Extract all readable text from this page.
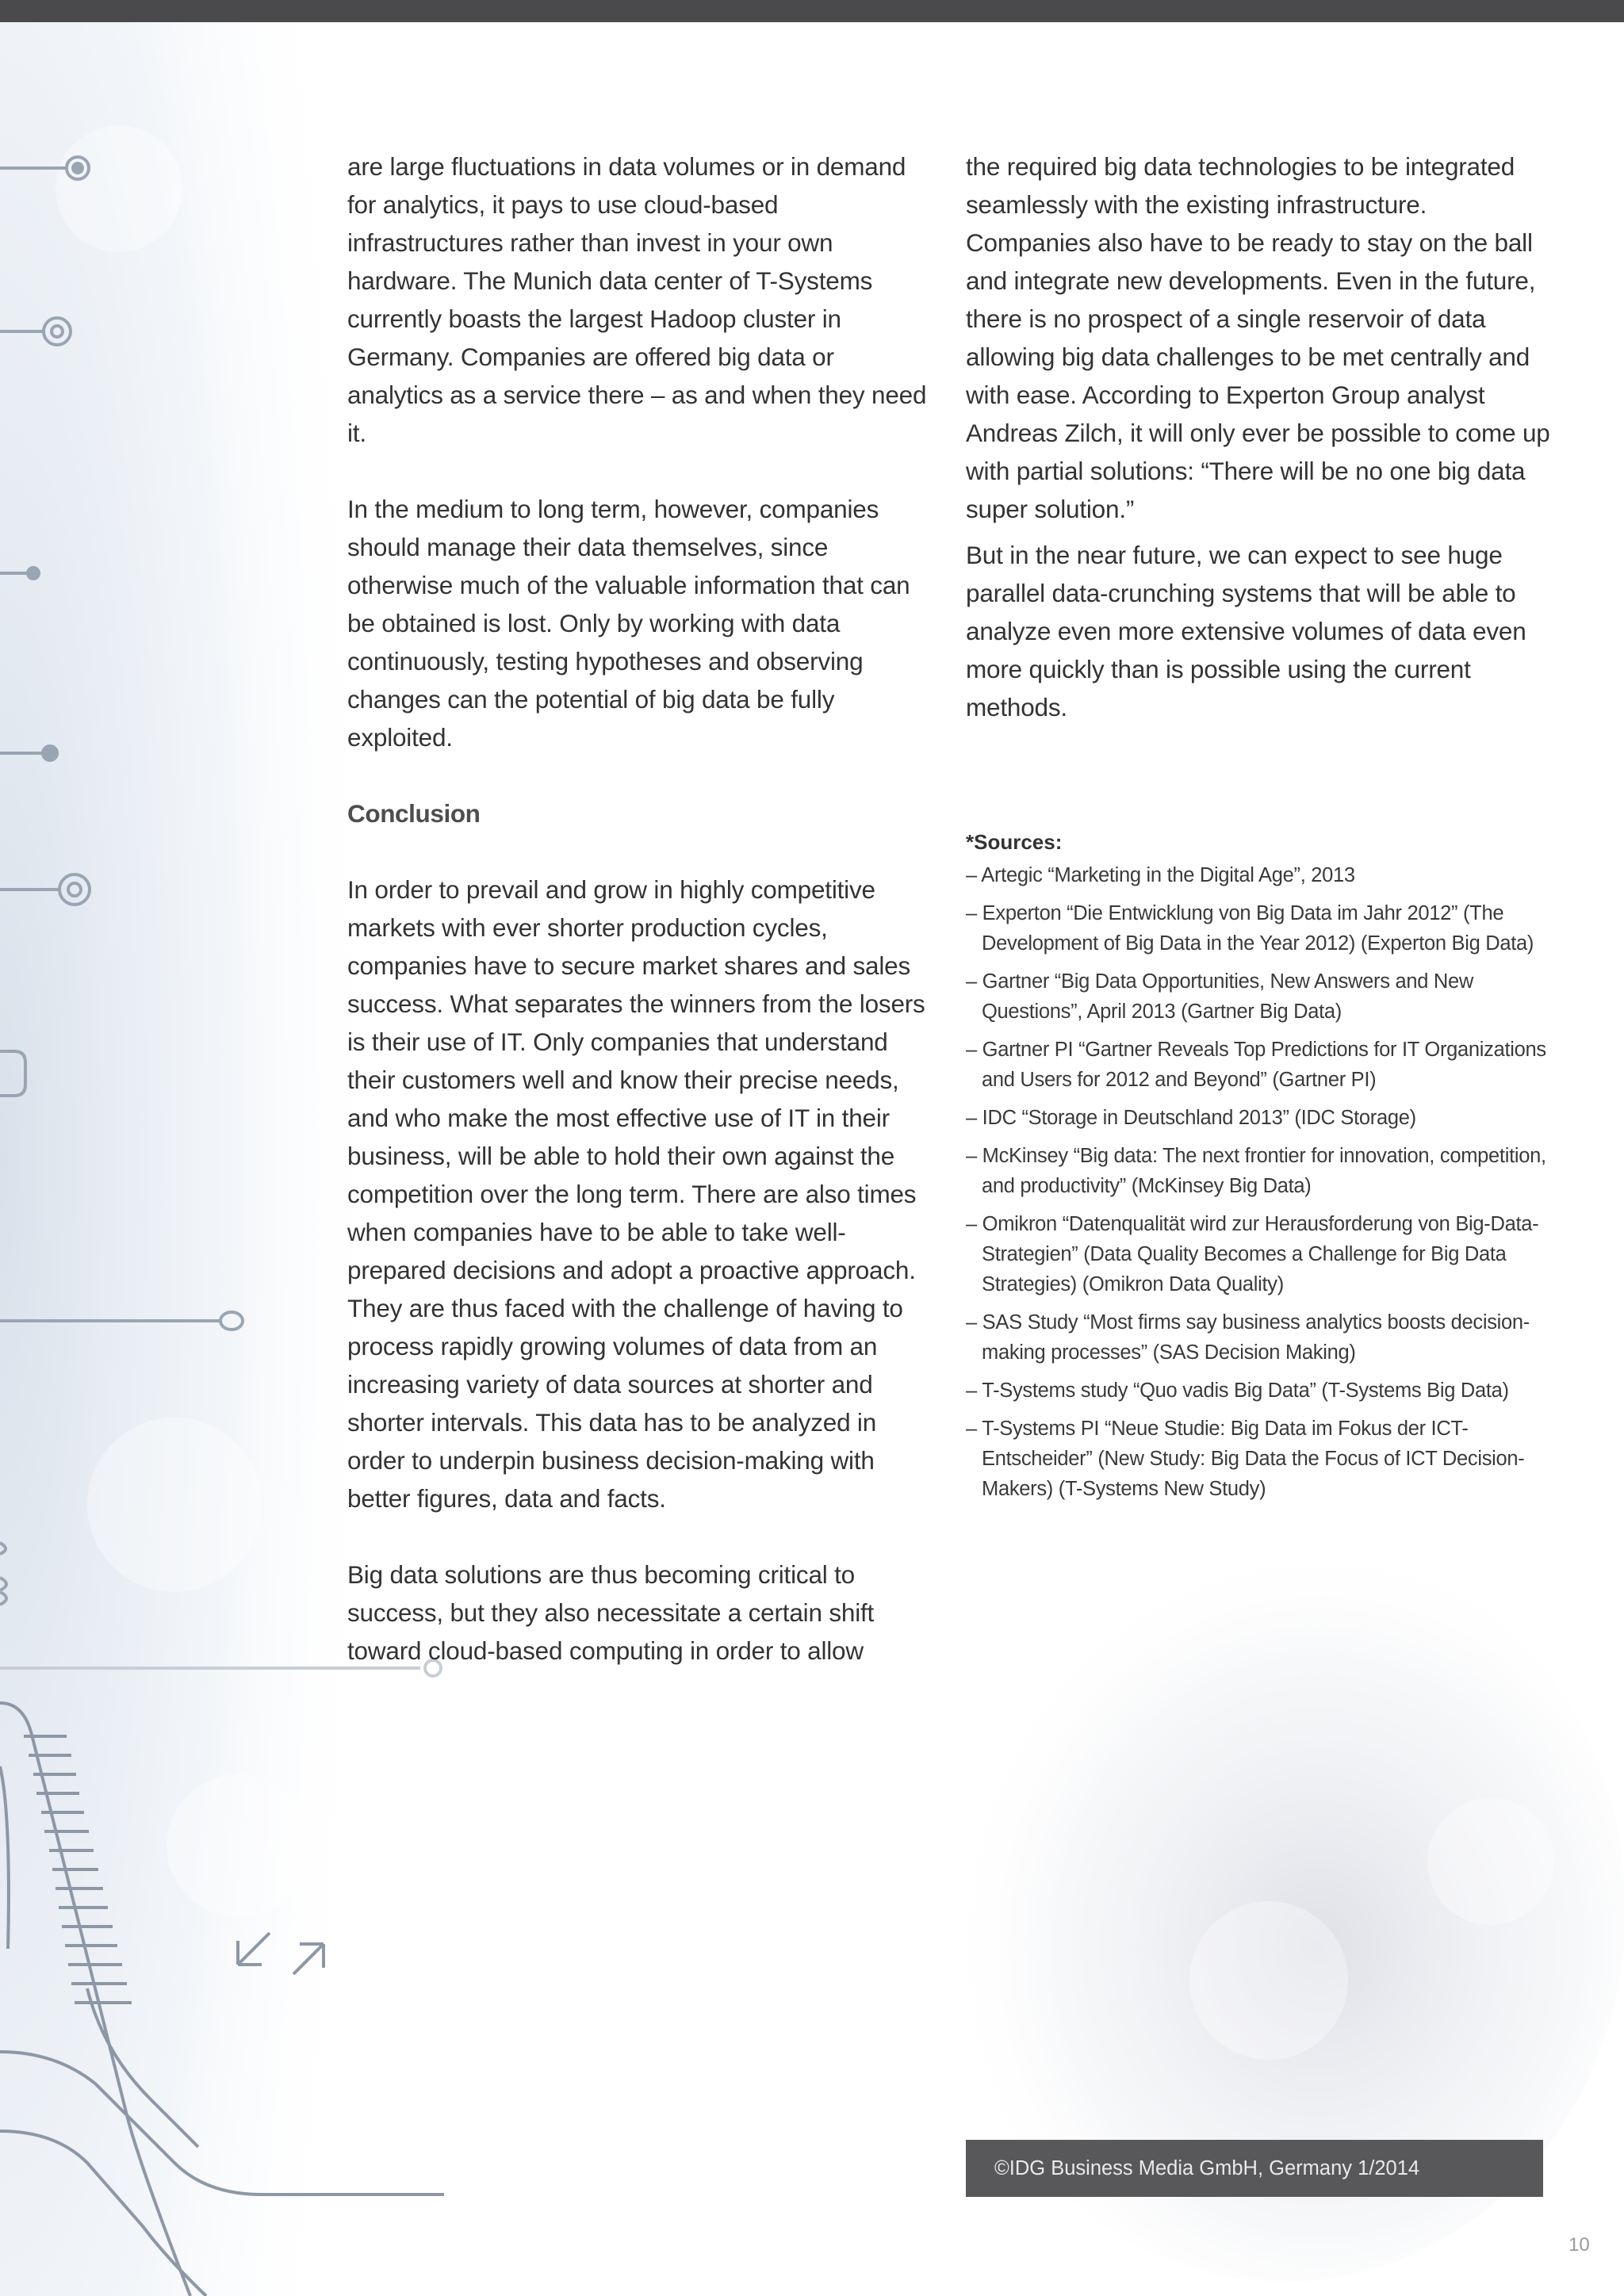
are large fluctuations in data volumes or in demand for analytics, it pays to use cloud-based infrastructures rather than invest in your own hardware. The Munich data center of T-Systems currently boasts the largest Hadoop cluster in Germany. Companies are offered big data or analytics as a service there – as and when they need it.

In the medium to long term, however, companies should manage their data themselves, since otherwise much of the valuable information that can be obtained is lost. Only by working with data continuously, testing hypotheses and observing changes can the potential of big data be fully exploited.

Conclusion

In order to prevail and grow in highly competitive markets with ever shorter production cycles, companies have to secure market shares and sales success. What separates the winners from the losers is their use of IT. Only companies that understand their customers well and know their precise needs, and who make the most effective use of IT in their business, will be able to hold their own against the competition over the long term. There are also times when companies have to be able to take well-prepared decisions and adopt a proactive approach. They are thus faced with the challenge of having to process rapidly growing volumes of data from an increasing variety of data sources at shorter and shorter intervals. This data has to be analyzed in order to underpin business decision-making with better figures, data and facts.

Big data solutions are thus becoming critical to success, but they also necessitate a certain shift toward cloud-based computing in order to allow

the required big data technologies to be integrated seamlessly with the existing infrastructure. Companies also have to be ready to stay on the ball and integrate new developments. Even in the future, there is no prospect of a single reservoir of data allowing big data challenges to be met centrally and with ease. According to Experton Group analyst Andreas Zilch, it will only ever be possible to come up with partial solutions: “There will be no one big data super solution.”

But in the near future, we can expect to see huge parallel data-crunching systems that will be able to analyze even more extensive volumes of data even more quickly than is possible using the current methods.

*Sources:

– Artegic “Marketing in the Digital Age”, 2013

– Experton “Die Entwicklung von Big Data im Jahr 2012” (The Development of Big Data in the Year 2012) (Experton Big Data)

– Gartner “Big Data Opportunities, New Answers and New Questions”, April 2013 (Gartner Big Data)

– Gartner PI “Gartner Reveals Top Predictions for IT Organizations and Users for 2012 and Beyond” (Gartner PI)

– IDC “Storage in Deutschland 2013” (IDC Storage)

– McKinsey “Big data: The next frontier for innovation, competition, and productivity” (McKinsey Big Data)

– Omikron “Datenqualität wird zur Herausforderung von Big-Data-Strategien” (Data Quality Becomes a Challenge for Big Data Strategies) (Omikron Data Quality)

– SAS Study “Most firms say business analytics boosts decision-making processes” (SAS Decision Making)

– T-Systems study “Quo vadis Big Data” (T-Systems Big Data)

– T-Systems PI “Neue Studie: Big Data im Fokus der ICT-Entscheider” (New Study: Big Data the Focus of ICT Decision-Makers) (T-Systems New Study)

©IDG Business Media GmbH, Germany 1/2014
10
